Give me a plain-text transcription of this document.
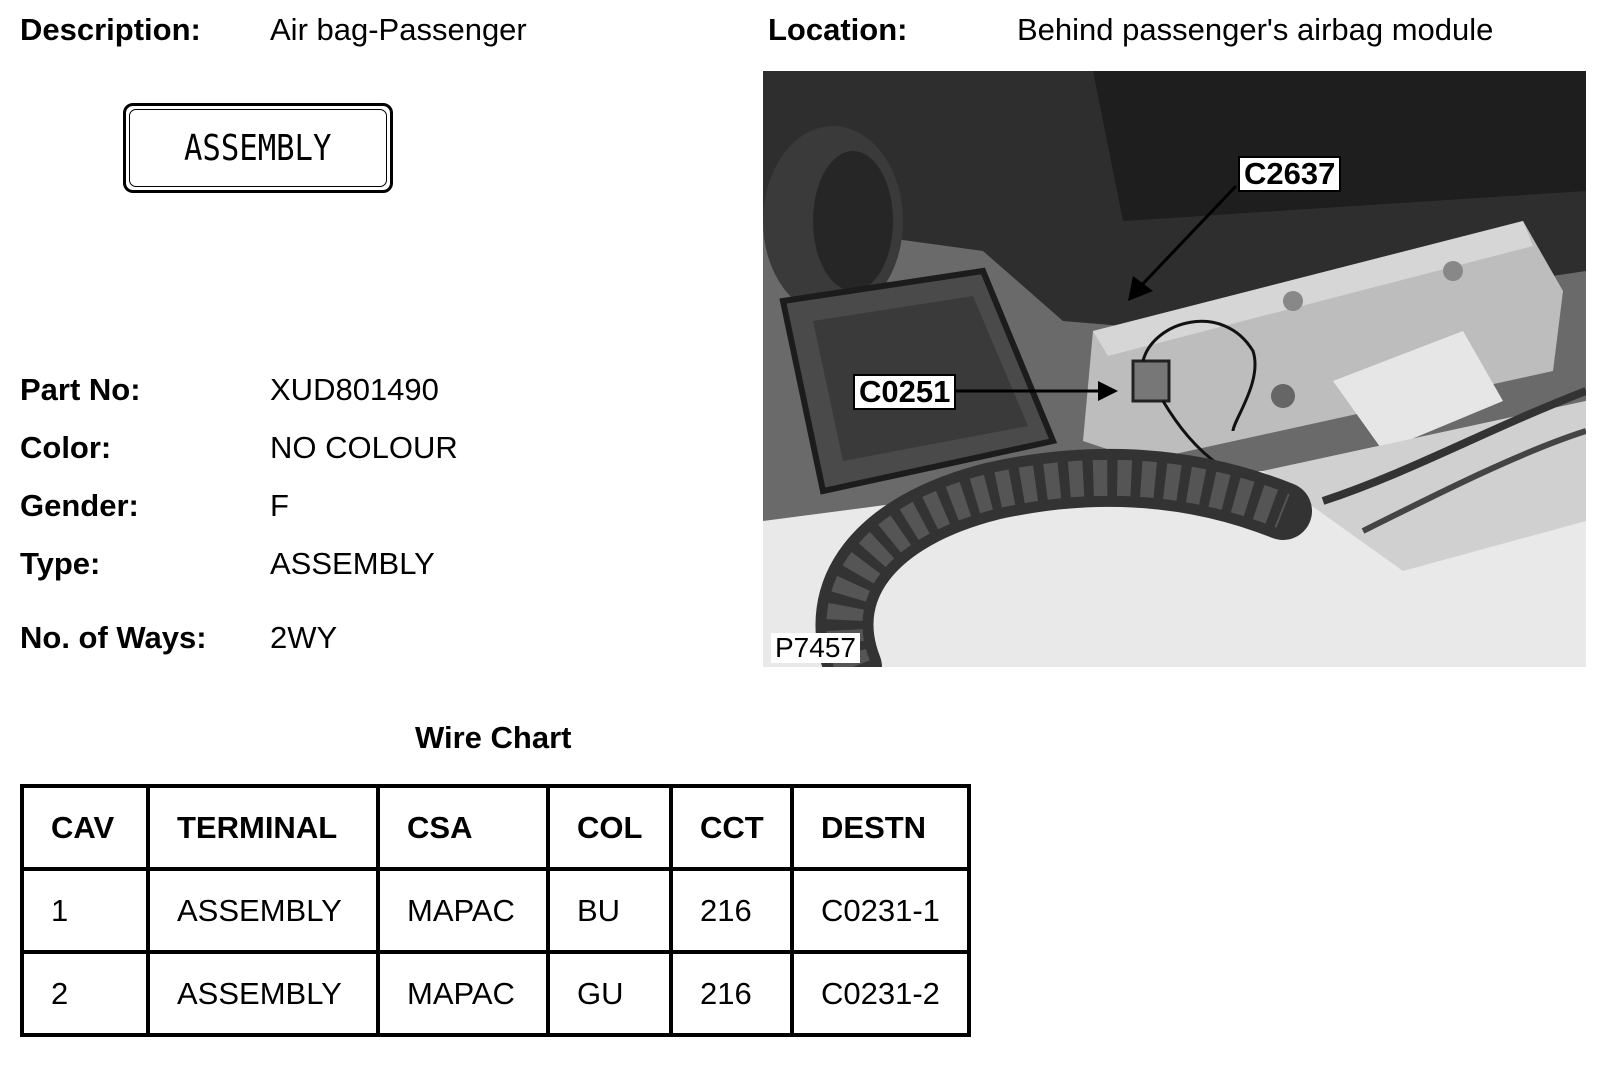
Description: Air bag-Passenger	Location:	Behind passenger's airbag module
ASSEMBLY
Part No:	XUD801490
Color:	NO COLOUR
Gender:	F
Type:	ASSEMBLY
No. of Ways: 2WY
C2637
C0251
P7457
Wire Chart
CAV	TERMINAL	CSA	COL	CCT	DESTN
1	ASSEMBLY	MAPAC	BU	216	C0231-1
2	ASSEMBLY	MAPAC	GU	216	C0231-2
